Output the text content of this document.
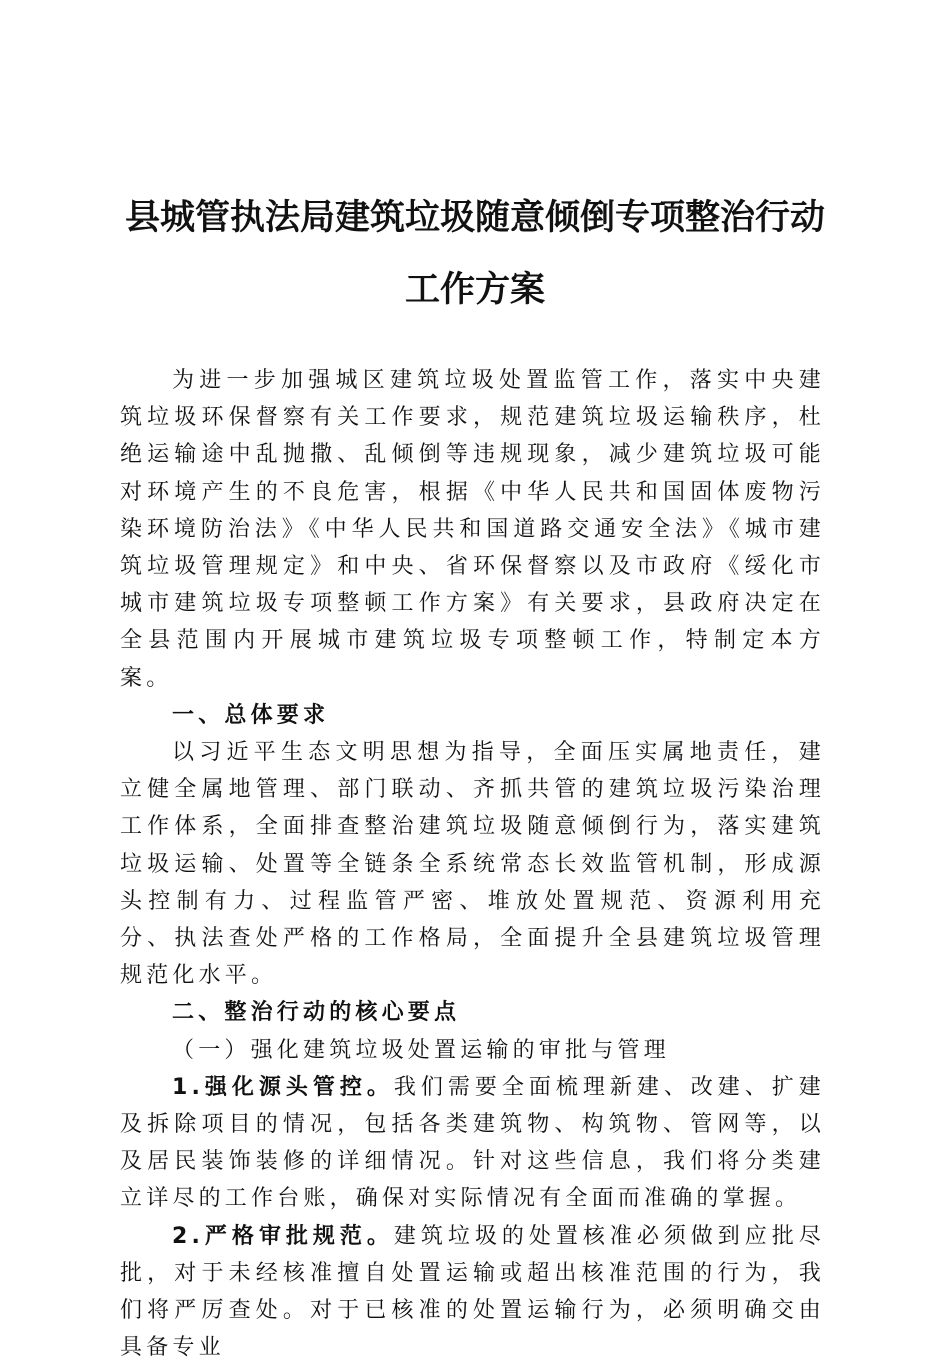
县城管执法局建筑垃圾随意倾倒专项整治行动
工作方案

为进一步加强城区建筑垃圾处置监管工作，落实中央建筑垃圾环保督察有关工作要求，规范建筑垃圾运输秩序，杜绝运输途中乱抛撒、乱倾倒等违规现象，减少建筑垃圾可能对环境产生的不良危害，根据《中华人民共和国固体废物污染环境防治法》《中华人民共和国道路交通安全法》《城市建筑垃圾管理规定》和中央、省环保督察以及市政府《绥化市城市建筑垃圾专项整顿工作方案》有关要求，县政府决定在全县范围内开展城市建筑垃圾专项整顿工作，特制定本方案。

一、总体要求

以习近平生态文明思想为指导，全面压实属地责任，建立健全属地管理、部门联动、齐抓共管的建筑垃圾污染治理工作体系，全面排查整治建筑垃圾随意倾倒行为，落实建筑垃圾运输、处置等全链条全系统常态长效监管机制，形成源头控制有力、过程监管严密、堆放处置规范、资源利用充分、执法查处严格的工作格局，全面提升全县建筑垃圾管理规范化水平。

二、整治行动的核心要点

（一）强化建筑垃圾处置运输的审批与管理

1.强化源头管控。我们需要全面梳理新建、改建、扩建及拆除项目的情况，包括各类建筑物、构筑物、管网等，以及居民装饰装修的详细情况。针对这些信息，我们将分类建立详尽的工作台账，确保对实际情况有全面而准确的掌握。

2.严格审批规范。建筑垃圾的处置核准必须做到应批尽批，对于未经核准擅自处置运输或超出核准范围的行为，我们将严厉查处。对于已核准的处置运输行为，必须明确交由具备专业
